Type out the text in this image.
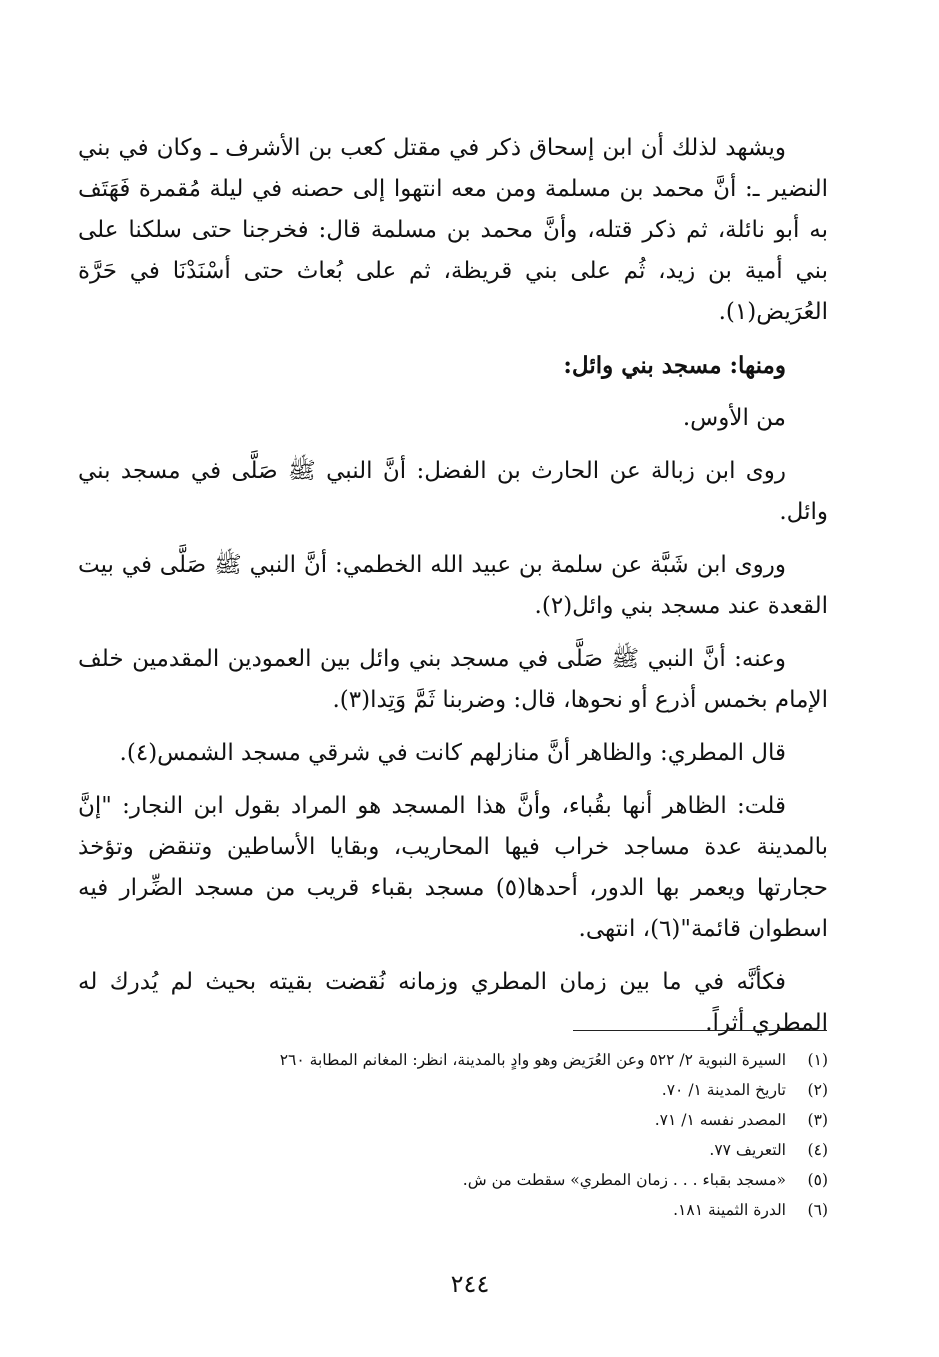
ويشهد لذلك أن ابن إسحاق ذكر في مقتل كعب بن الأشرف ـ وكان في بني النضير ـ: أنَّ محمد بن مسلمة ومن معه انتهوا إلى حصنه في ليلة مُقمرة فَهَتَف به أبو نائلة، ثم ذكر قتله، وأنَّ محمد بن مسلمة قال: فخرجنا حتى سلكنا على بني أمية بن زيد، ثُم على بني قريظة، ثم على بُعاث حتى أسْنَدْنَا في حَرَّة العُرَيض(١).

ومنها: مسجد بني وائل:

من الأوس.

روى ابن زبالة عن الحارث بن الفضل: أنَّ النبي ﷺ صَلَّى في مسجد بني وائل.

وروى ابن شَبَّة عن سلمة بن عبيد الله الخطمي: أنَّ النبي ﷺ صَلَّى في بيت القعدة عند مسجد بني وائل(٢).

وعنه: أنَّ النبي ﷺ صَلَّى في مسجد بني وائل بين العمودين المقدمين خلف الإمام بخمس أذرع أو نحوها، قال: وضربنا ثَمَّ وَتِدا(٣).

قال المطري: والظاهر أنَّ منازلهم كانت في شرقي مسجد الشمس(٤).

قلت: الظاهر أنها بقُباء، وأنَّ هذا المسجد هو المراد بقول ابن النجار: "إنَّ بالمدينة عدة مساجد خراب فيها المحاريب، وبقايا الأساطين وتنقض وتؤخذ حجارتها ويعمر بها الدور، أحدها(٥) مسجد بقباء قريب من مسجد الضِّرار فيه اسطوان قائمة"(٦)، انتهى.

فكأنَّه في ما بين زمان المطري وزمانه نُقضت بقيته بحيث لم يُدرك له المطري أثراً.

(١)
السيرة النبوية ٢/ ٥٢٢ وعن العُرَيض وهو وادٍ بالمدينة، انظر: المغانم المطابة ٢٦٠
(٢)
تاريخ المدينة ١/ ٧٠.
(٣)
المصدر نفسه ١/ ٧١.
(٤)
التعريف ٧٧.
(٥)
«مسجد بقباء . . . زمان المطري» سقطت من ش.
(٦)
الدرة الثمينة ١٨١.
٢٤٤
